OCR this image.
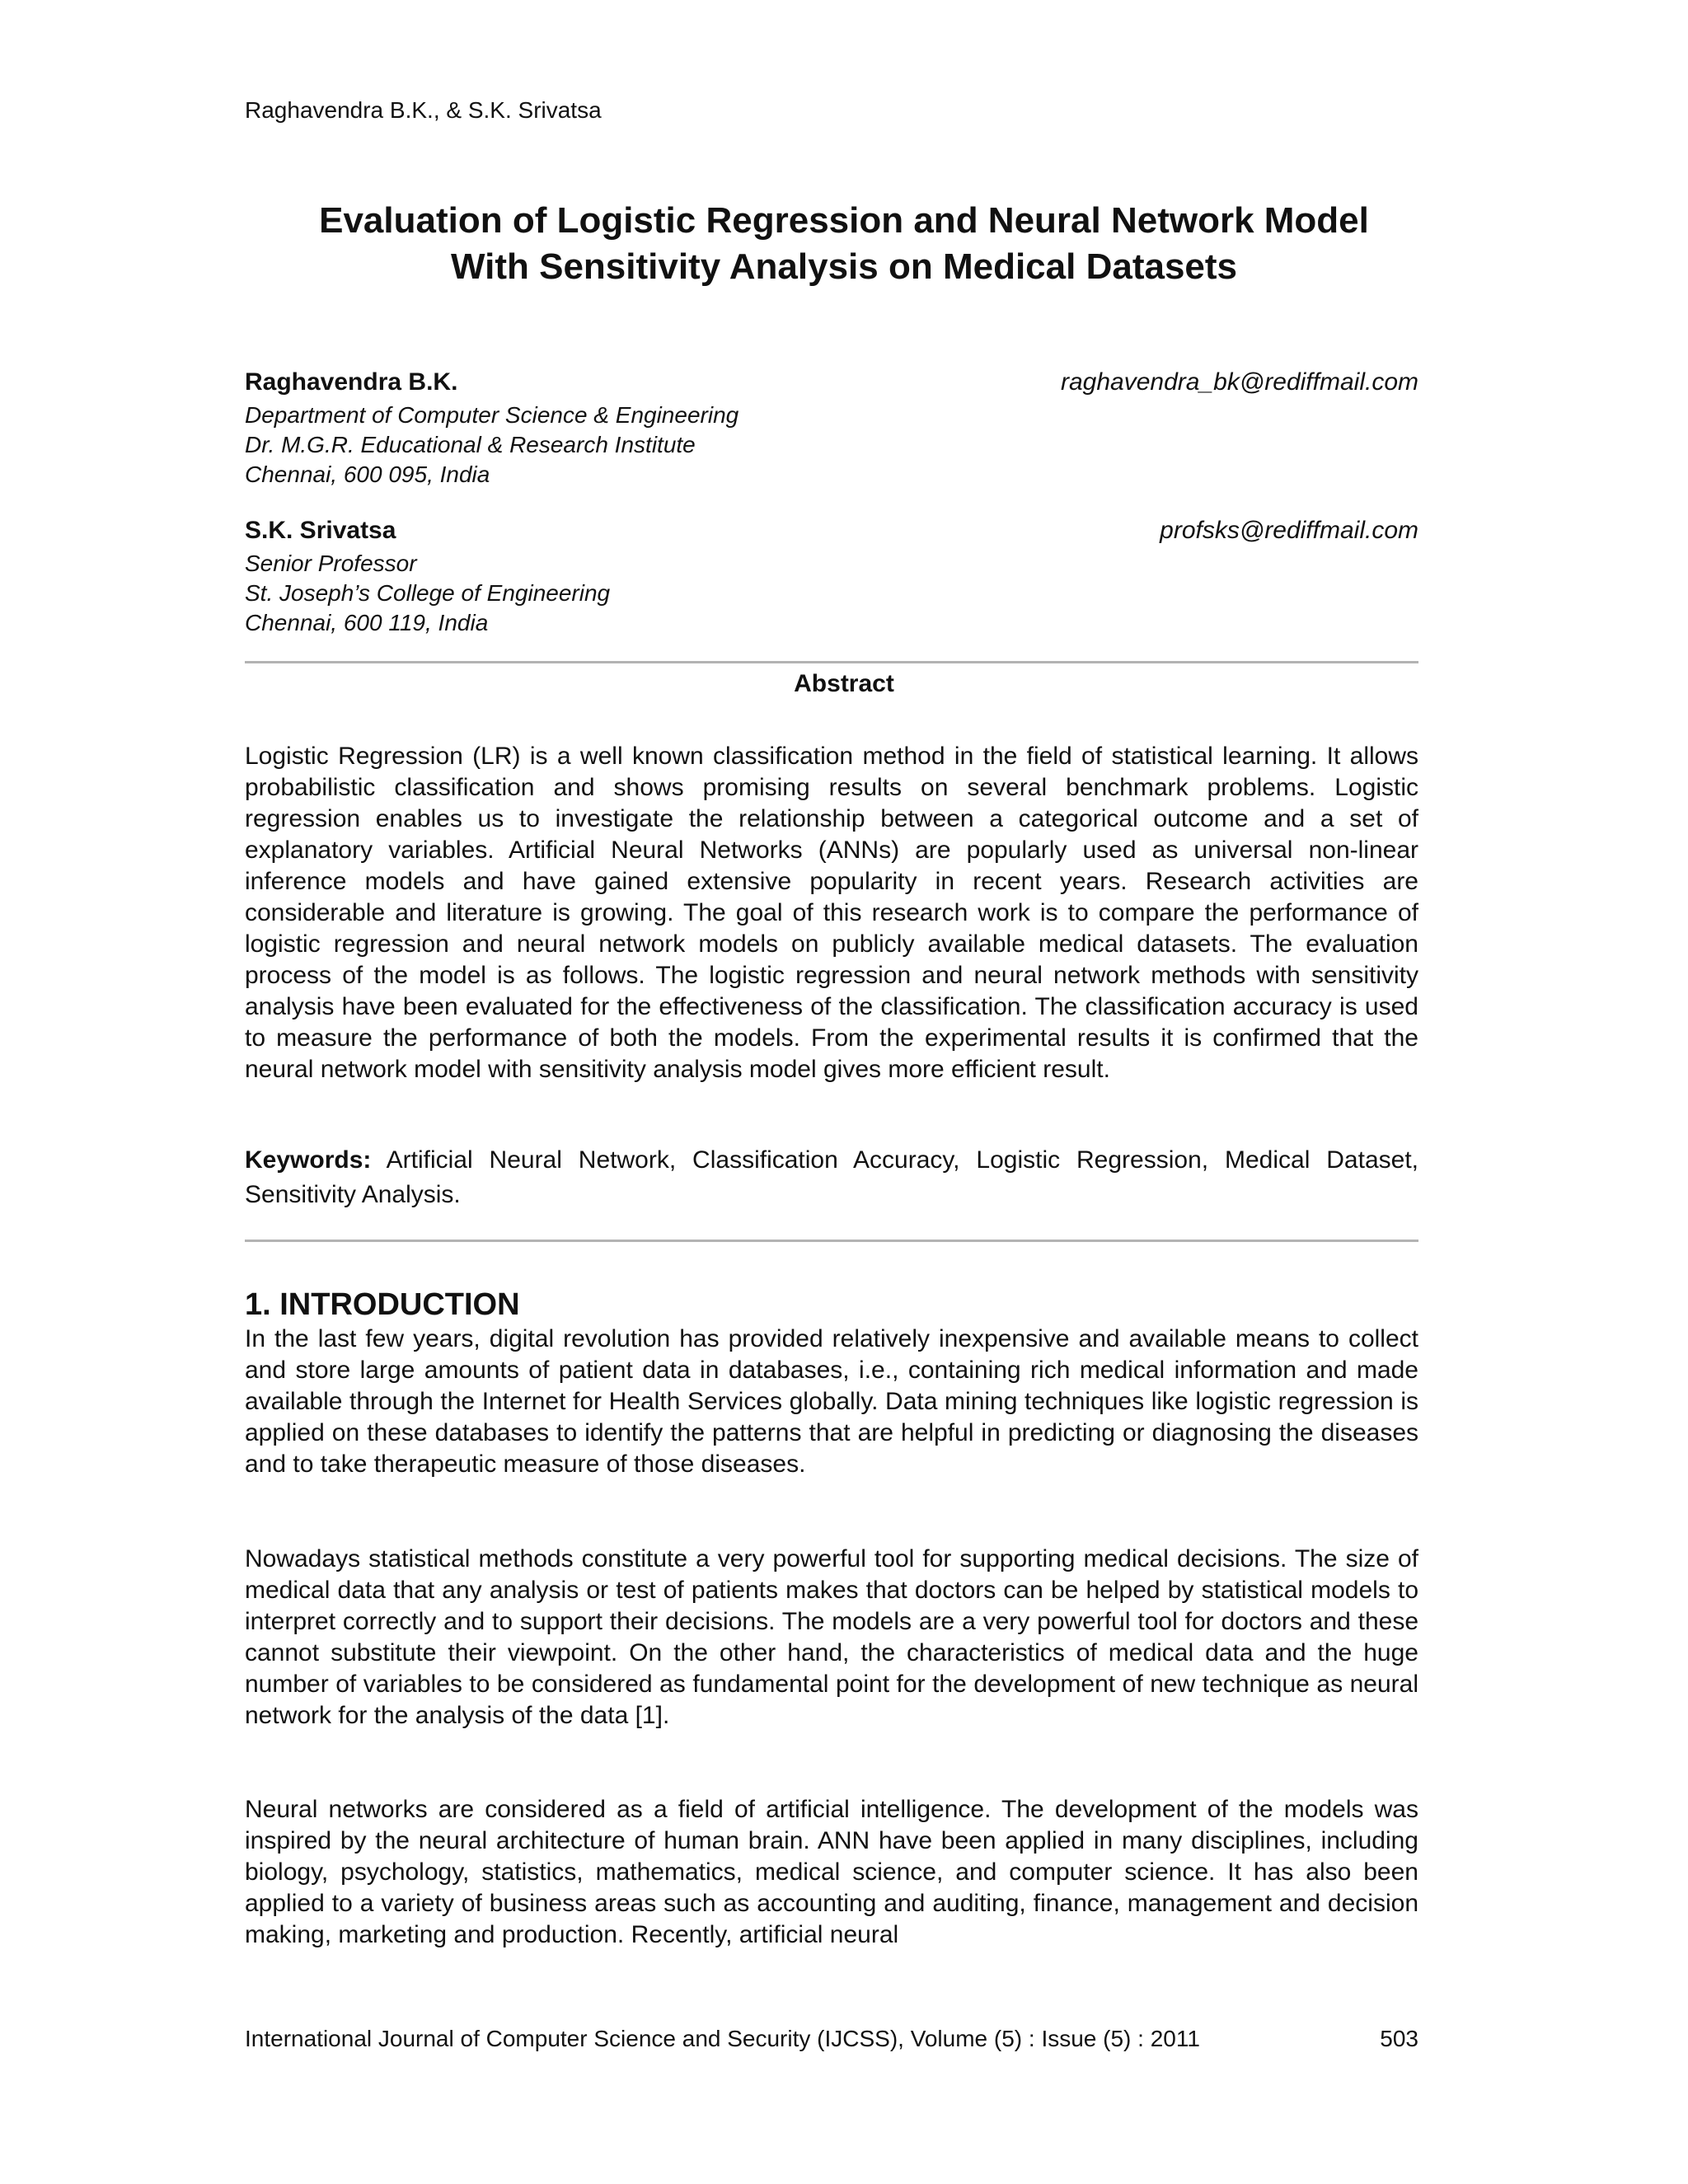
Raghavendra B.K., & S.K. Srivatsa
Evaluation of Logistic Regression and Neural Network Model
With Sensitivity Analysis on Medical Datasets
Raghavendra B.K.	raghavendra_bk@rediffmail.com
Department of Computer Science & Engineering
Dr. M.G.R. Educational & Research Institute
Chennai, 600 095, India
S.K. Srivatsa	profsks@rediffmail.com
Senior Professor
St. Joseph’s College of Engineering
Chennai, 600 119, India
Abstract

Logistic Regression (LR) is a well known classification method in the field of statistical learning. It allows probabilistic classification and shows promising results on several benchmark problems. Logistic regression enables us to investigate the relationship between a categorical outcome and a set of explanatory variables. Artificial Neural Networks (ANNs) are popularly used as universal non-linear inference models and have gained extensive popularity in recent years. Research activities are considerable and literature is growing. The goal of this research work is to compare the performance of logistic regression and neural network models on publicly available medical datasets. The evaluation process of the model is as follows. The logistic regression and neural network methods with sensitivity analysis have been evaluated for the effectiveness of the classification. The classification accuracy is used to measure the performance of both the models. From the experimental results it is confirmed that the neural network model with sensitivity analysis model gives more efficient result.

Keywords: Artificial Neural Network, Classification Accuracy, Logistic Regression, Medical Dataset, Sensitivity Analysis.

1. INTRODUCTION

In the last few years, digital revolution has provided relatively inexpensive and available means to collect and store large amounts of patient data in databases, i.e., containing rich medical information and made available through the Internet for Health Services globally. Data mining techniques like logistic regression is applied on these databases to identify the patterns that are helpful in predicting or diagnosing the diseases and to take therapeutic measure of those diseases.

Nowadays statistical methods constitute a very powerful tool for supporting medical decisions. The size of medical data that any analysis or test of patients makes that doctors can be helped by statistical models to interpret correctly and to support their decisions. The models are a very powerful tool for doctors and these cannot substitute their viewpoint. On the other hand, the characteristics of medical data and the huge number of variables to be considered as fundamental point for the development of new technique as neural network for the analysis of the data [1].

Neural networks are considered as a field of artificial intelligence. The development of the models was inspired by the neural architecture of human brain. ANN have been applied in many disciplines, including biology, psychology, statistics, mathematics, medical science, and computer science. It has also been applied to a variety of business areas such as accounting and auditing, finance, management and decision making, marketing and production. Recently, artificial neural

International Journal of Computer Science and Security (IJCSS), Volume (5) : Issue (5) : 2011	503
